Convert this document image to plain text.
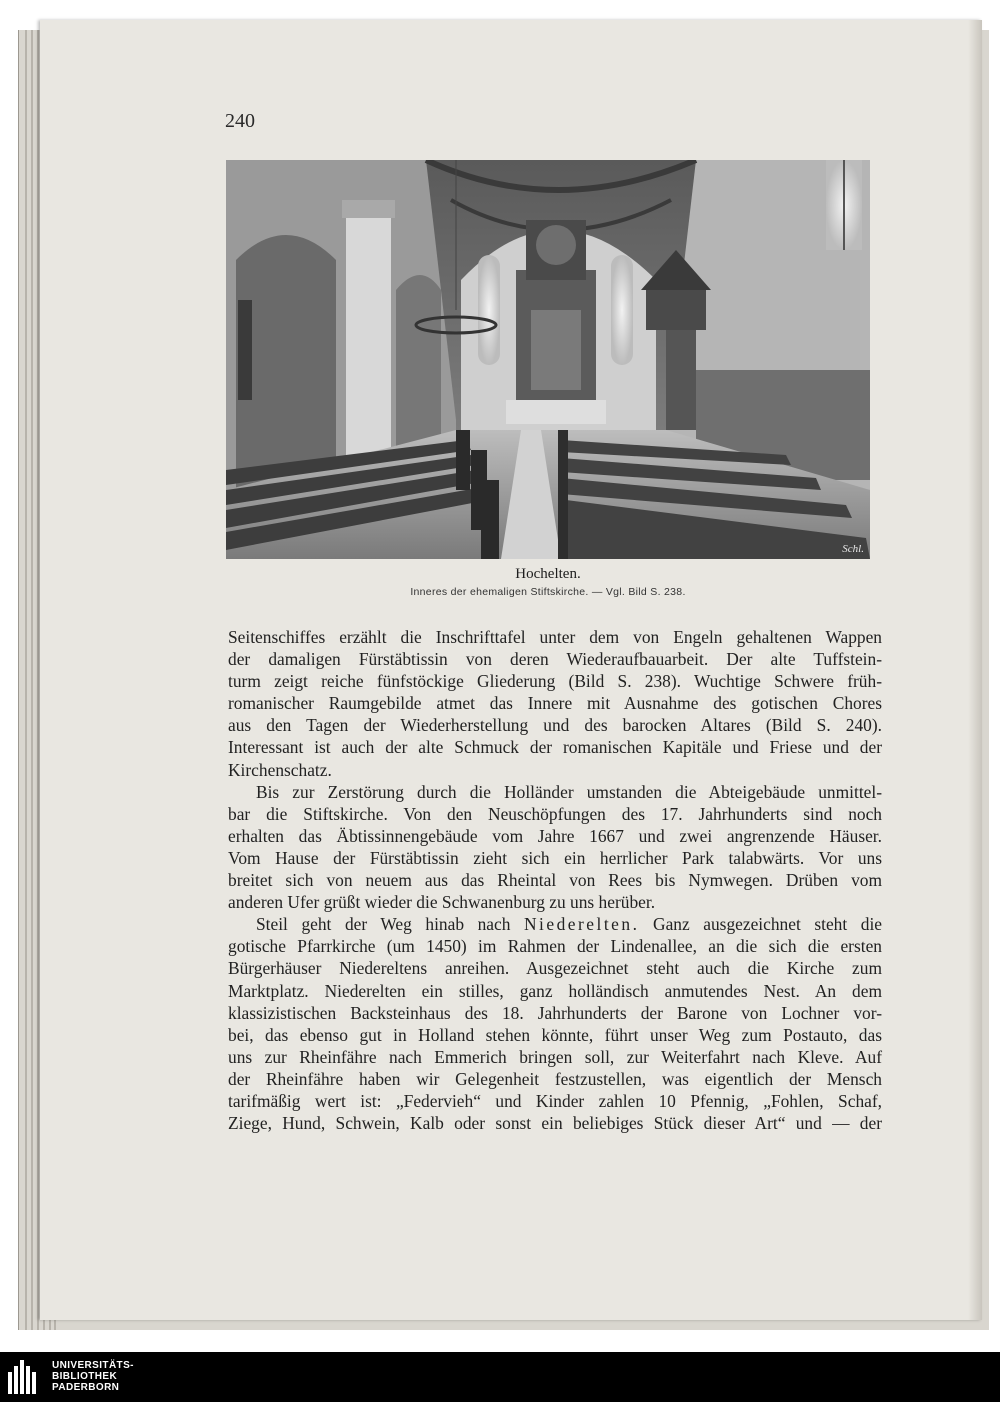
240
Schl.
Hochelten.
Inneres der ehemaligen Stiftskirche. — Vgl. Bild S. 238.
Seitenschiffes erzählt die Inschrifttafel unter dem von Engeln gehaltenen Wappen
der damaligen Fürstäbtissin von deren Wiederaufbauarbeit. Der alte Tuffstein-
turm zeigt reiche fünfstöckige Gliederung (Bild S. 238). Wuchtige Schwere früh-
romanischer Raumgebilde atmet das Innere mit Ausnahme des gotischen Chores
aus den Tagen der Wiederherstellung und des barocken Altares (Bild S. 240).
Interessant ist auch der alte Schmuck der romanischen Kapitäle und Friese und der
Kirchenschatz.
Bis zur Zerstörung durch die Holländer umstanden die Abteigebäude unmittel-
bar die Stiftskirche. Von den Neuschöpfungen des 17. Jahrhunderts sind noch
erhalten das Äbtissinnengebäude vom Jahre 1667 und zwei angrenzende Häuser.
Vom Hause der Fürstäbtissin zieht sich ein herrlicher Park talabwärts. Vor uns
breitet sich von neuem aus das Rheintal von Rees bis Nymwegen. Drüben vom
anderen Ufer grüßt wieder die Schwanenburg zu uns herüber.
Steil geht der Weg hinab nach Niederelten. Ganz ausgezeichnet steht die
gotische Pfarrkirche (um 1450) im Rahmen der Lindenallee, an die sich die ersten
Bürgerhäuser Niedereltens anreihen. Ausgezeichnet steht auch die Kirche zum
Marktplatz. Niederelten ein stilles, ganz holländisch anmutendes Nest. An dem
klassizistischen Backsteinhaus des 18. Jahrhunderts der Barone von Lochner vor-
bei, das ebenso gut in Holland stehen könnte, führt unser Weg zum Postauto, das
uns zur Rheinfähre nach Emmerich bringen soll, zur Weiterfahrt nach Kleve. Auf
der Rheinfähre haben wir Gelegenheit festzustellen, was eigentlich der Mensch
tarifmäßig wert ist: „Federvieh“ und Kinder zahlen 10 Pfennig, „Fohlen, Schaf,
Ziege, Hund, Schwein, Kalb oder sonst ein beliebiges Stück dieser Art“ und — der
UNIVERSITÄTS-
BIBLIOTHEK
PADERBORN
